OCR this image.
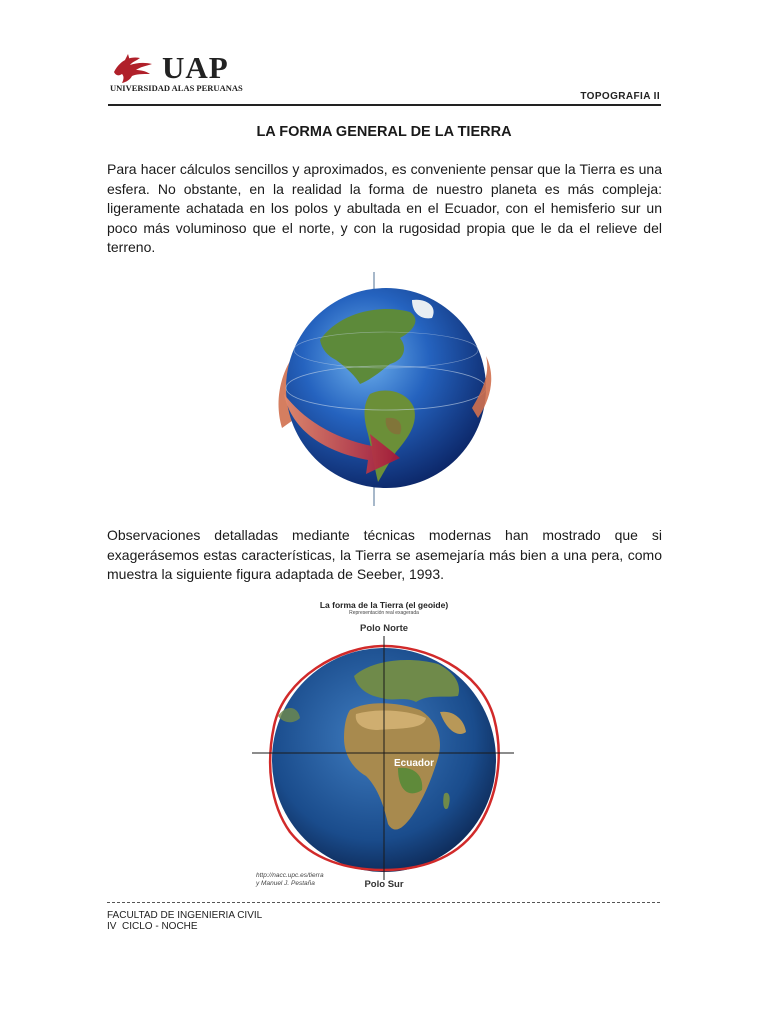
UAP
UNIVERSIDAD ALAS PERUANAS
TOPOGRAFIA II
LA FORMA GENERAL DE LA TIERRA
Para hacer cálculos sencillos y aproximados, es conveniente pensar que la Tierra es una esfera. No obstante, en la realidad la forma de nuestro planeta es más compleja: ligeramente achatada en los polos y abultada en el Ecuador, con el hemisferio sur un poco más voluminoso que el norte, y con la rugosidad propia que le da el relieve del terreno.
Observaciones detalladas mediante técnicas modernas han mostrado que si exagerásemos estas características, la Tierra se asemejaría más bien a una pera, como muestra la siguiente figura adaptada de Seeber, 1993.
La forma de la Tierra (el geoide)
Representación real exagerada
Polo Norte
Ecuador
http://nacc.upc.es/tierra
y Manuel J. Pestaña	Polo Sur
FACULTAD DE INGENIERIA CIVIL
IV  CICLO - NOCHE
